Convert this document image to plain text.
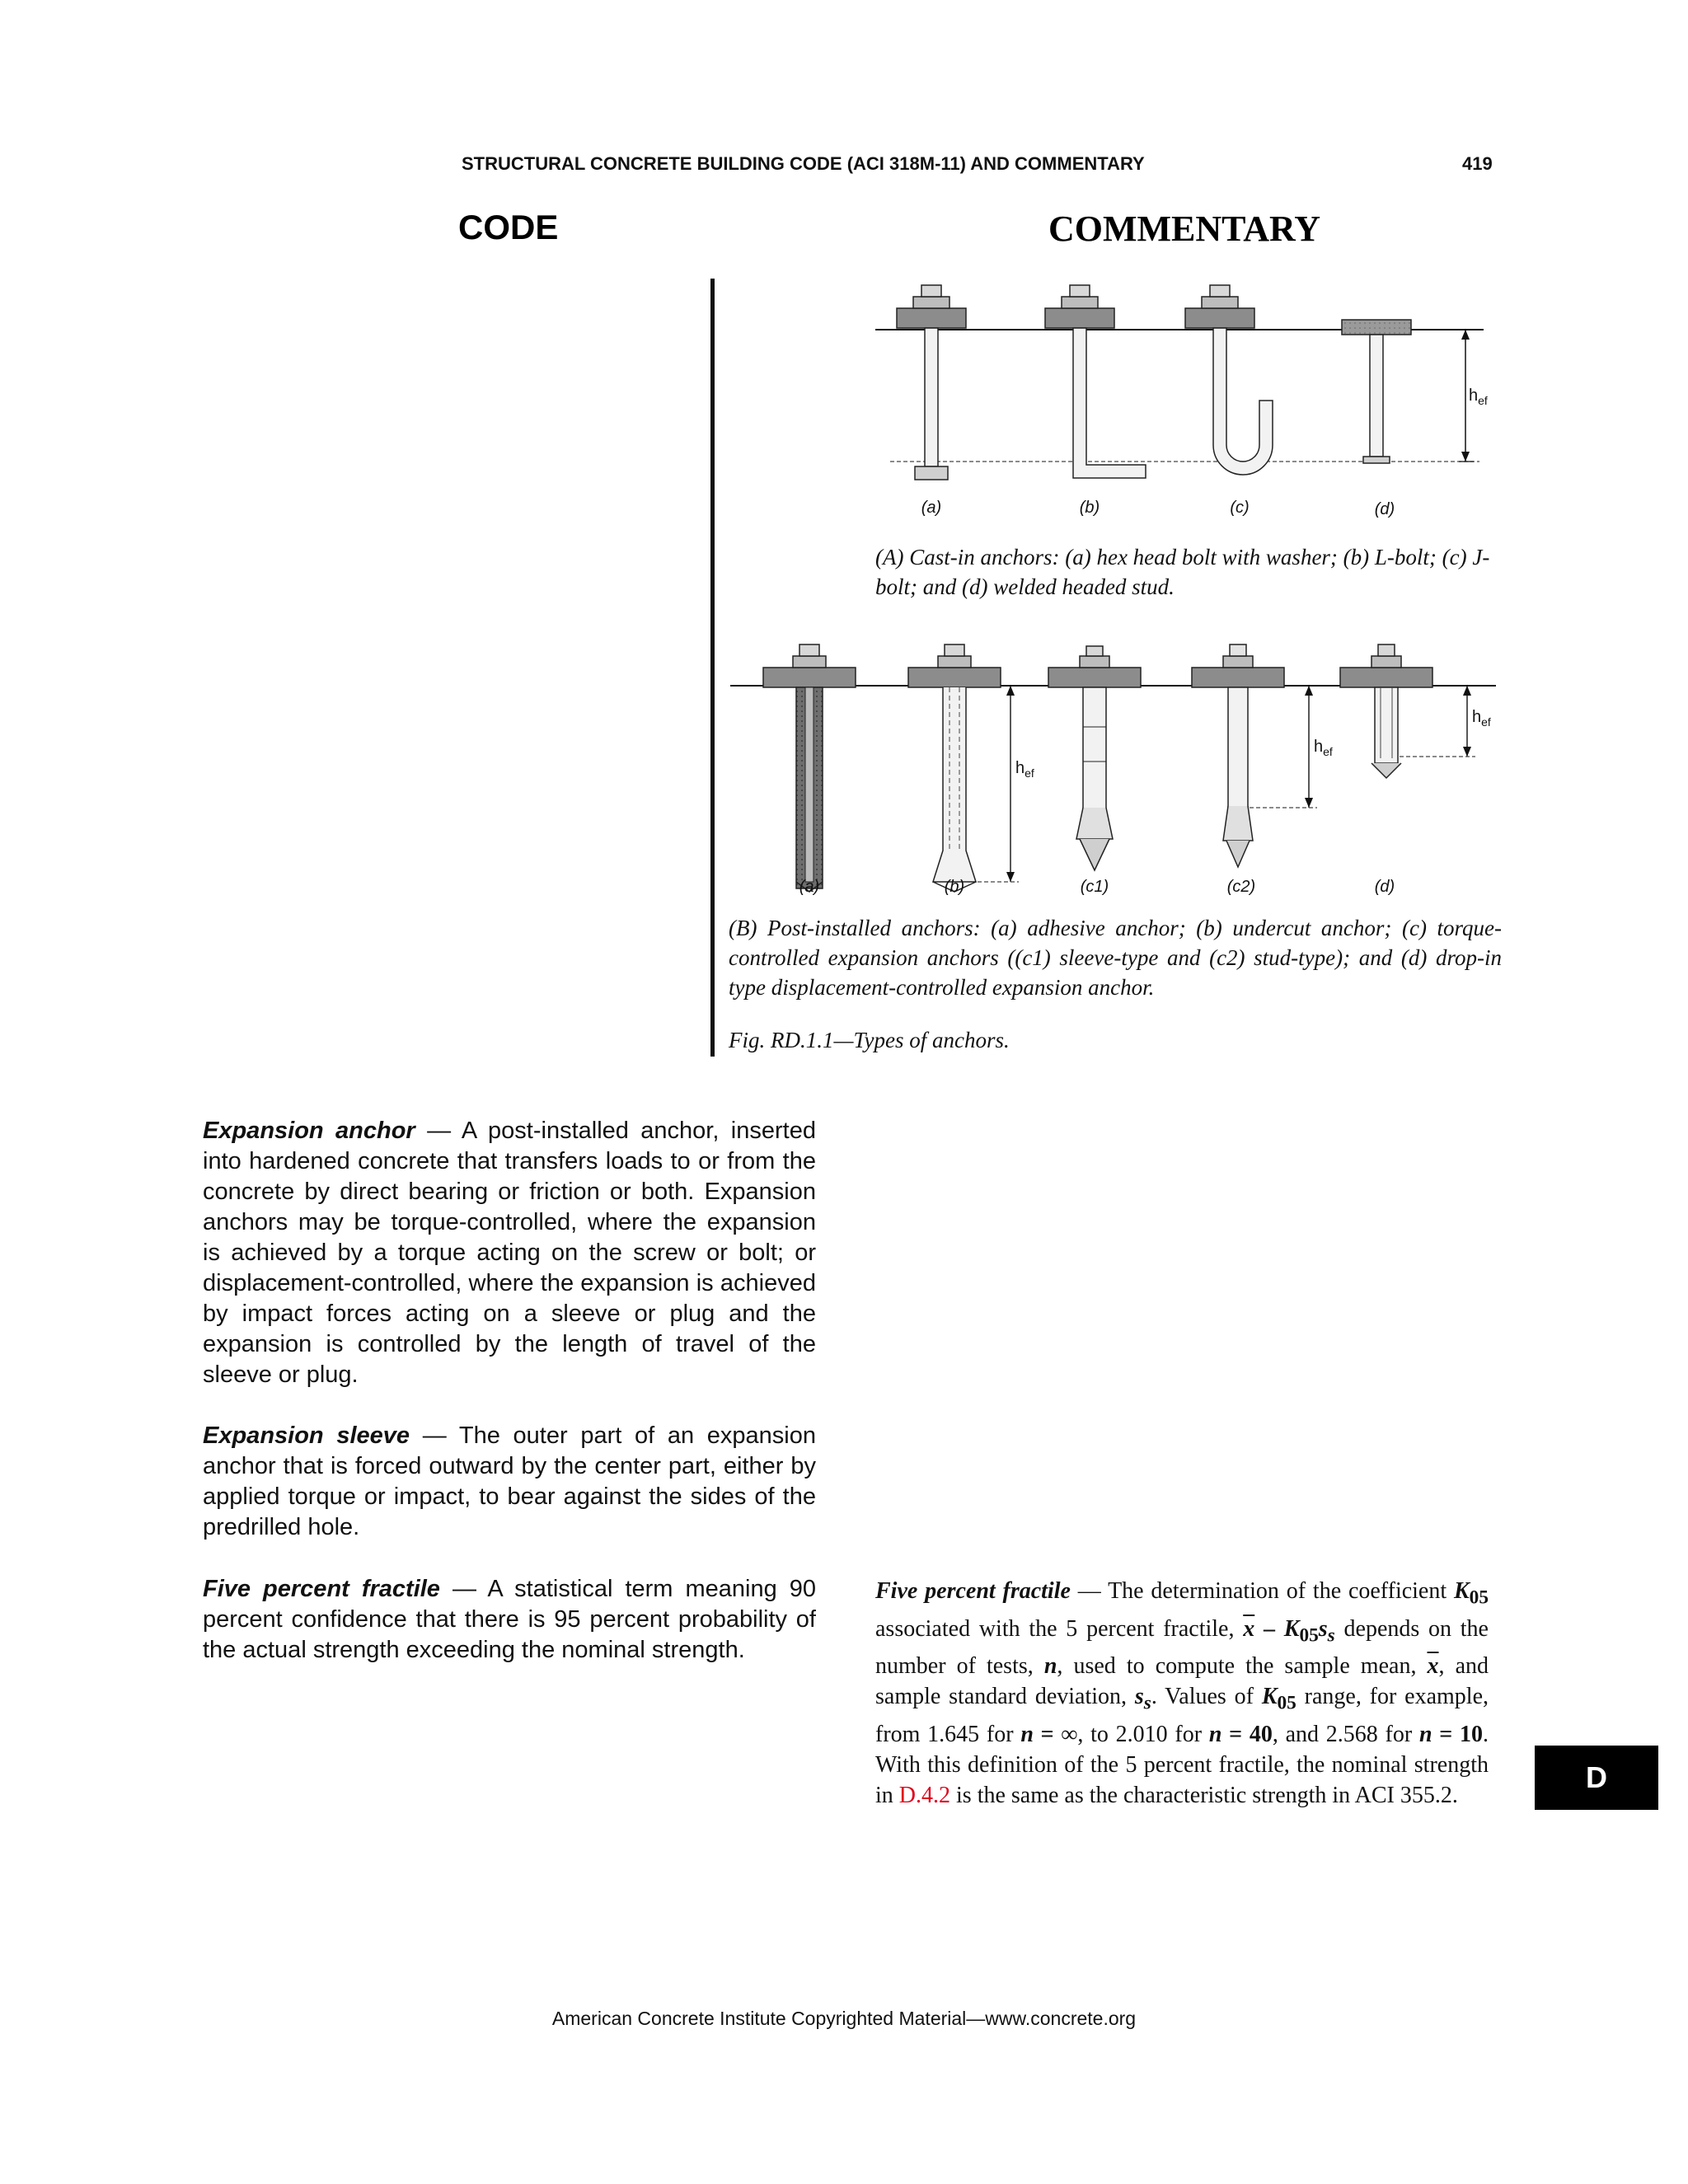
STRUCTURAL CONCRETE BUILDING CODE (ACI 318M-11) AND COMMENTARY	419
CODE	COMMENTARY
$h_{ef}$
(a)	(b)	(c)	(d)
(A) Cast-in anchors: (a) hex head bolt with washer; (b) L-bolt; (c) J-bolt; and (d) welded headed stud.
$h_{ef}$
$h_{ef}$
$h_{ef}$
(a)	(b)	(c1)	(c2)	(d)
(B) Post-installed anchors: (a) adhesive anchor; (b) undercut anchor; (c) torque-controlled expansion anchors ((c1) sleeve-type and (c2) stud-type); and (d) drop-in type displacement-controlled expansion anchor.
Fig. RD.1.1—Types of anchors.
Expansion anchor — A post-installed anchor, inserted into hardened concrete that transfers loads to or from the concrete by direct bearing or friction or both. Expansion anchors may be torque-controlled, where the expansion is achieved by a torque acting on the screw or bolt; or displacement-controlled, where the expansion is achieved by impact forces acting on a sleeve or plug and the expansion is controlled by the length of travel of the sleeve or plug.
Expansion sleeve — The outer part of an expansion anchor that is forced outward by the center part, either by applied torque or impact, to bear against the sides of the predrilled hole.
Five percent fractile — A statistical term meaning 90 percent confidence that there is 95 percent probability of the actual strength exceeding the nominal strength.
Five percent fractile — The determination of the coefficient $K_{05}$ associated with the 5 percent fractile, $\overline{x} - K_{05}s_s$ depends on the number of tests, n, used to compute the sample mean, $\overline{x}$, and sample standard deviation, $s_s$. Values of $K_{05}$ range, for example, from 1.645 for n = ∞, to 2.010 for n = 40, and 2.568 for n = 10. With this definition of the 5 percent fractile, the nominal strength in D.4.2 is the same as the characteristic strength in ACI 355.2.
D
American Concrete Institute Copyrighted Material—www.concrete.org
